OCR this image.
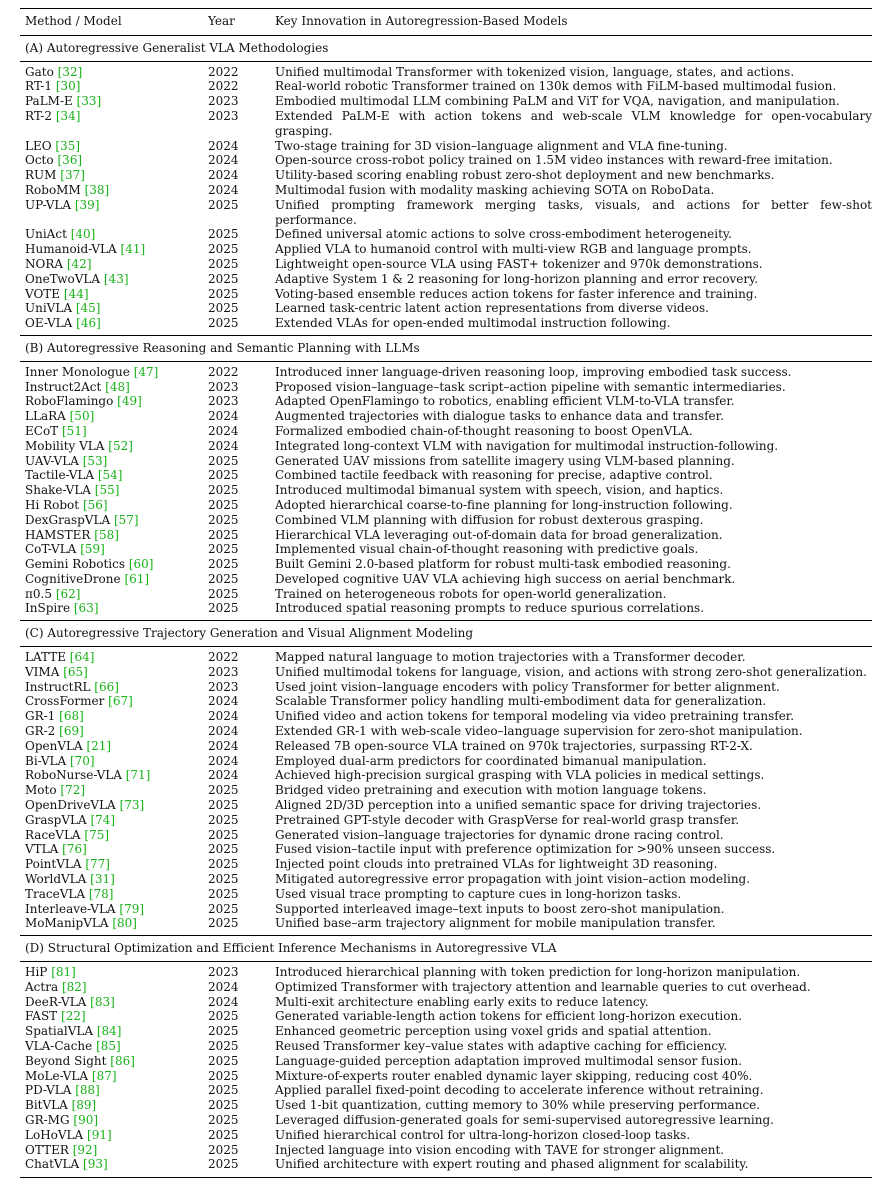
Method / Model	Year	Key Innovation in Autoregression-Based Models
(A) Autoregressive Generalist VLA Methodologies		
Gato [32]	2022	Unified multimodal Transformer with tokenized vision, language, states, and actions.
RT-1 [30]	2022	Real-world robotic Transformer trained on 130k demos with FiLM-based multimodal fusion.
PaLM-E [33]	2023	Embodied multimodal LLM combining PaLM and ViT for VQA, navigation, and manipulation.
RT-2 [34]	2023	Extended PaLM-E with action tokens and web-scale VLM knowledge for open-vocabulary grasping.
LEO [35]	2024	Two-stage training for 3D vision–language alignment and VLA fine-tuning.
Octo [36]	2024	Open-source cross-robot policy trained on 1.5M video instances with reward-free imitation.
RUM [37]	2024	Utility-based scoring enabling robust zero-shot deployment and new benchmarks.
RoboMM [38]	2024	Multimodal fusion with modality masking achieving SOTA on RoboData.
UP-VLA [39]	2025	Unified prompting framework merging tasks, visuals, and actions for better few-shot performance.
UniAct [40]	2025	Defined universal atomic actions to solve cross-embodiment heterogeneity.
Humanoid-VLA [41]	2025	Applied VLA to humanoid control with multi-view RGB and language prompts.
NORA [42]	2025	Lightweight open-source VLA using FAST+ tokenizer and 970k demonstrations.
OneTwoVLA [43]	2025	Adaptive System 1 & 2 reasoning for long-horizon planning and error recovery.
VOTE [44]	2025	Voting-based ensemble reduces action tokens for faster inference and training.
UniVLA [45]	2025	Learned task-centric latent action representations from diverse videos.
OE-VLA [46]	2025	Extended VLAs for open-ended multimodal instruction following.
(B) Autoregressive Reasoning and Semantic Planning with LLMs		
Inner Monologue [47]	2022	Introduced inner language-driven reasoning loop, improving embodied task success.
Instruct2Act [48]	2023	Proposed vision–language–task script–action pipeline with semantic intermediaries.
RoboFlamingo [49]	2023	Adapted OpenFlamingo to robotics, enabling efficient VLM-to-VLA transfer.
LLaRA [50]	2024	Augmented trajectories with dialogue tasks to enhance data and transfer.
ECoT [51]	2024	Formalized embodied chain-of-thought reasoning to boost OpenVLA.
Mobility VLA [52]	2024	Integrated long-context VLM with navigation for multimodal instruction-following.
UAV-VLA [53]	2025	Generated UAV missions from satellite imagery using VLM-based planning.
Tactile-VLA [54]	2025	Combined tactile feedback with reasoning for precise, adaptive control.
Shake-VLA [55]	2025	Introduced multimodal bimanual system with speech, vision, and haptics.
Hi Robot [56]	2025	Adopted hierarchical coarse-to-fine planning for long-instruction following.
DexGraspVLA [57]	2025	Combined VLM planning with diffusion for robust dexterous grasping.
HAMSTER [58]	2025	Hierarchical VLA leveraging out-of-domain data for broad generalization.
CoT-VLA [59]	2025	Implemented visual chain-of-thought reasoning with predictive goals.
Gemini Robotics [60]	2025	Built Gemini 2.0-based platform for robust multi-task embodied reasoning.
CognitiveDrone [61]	2025	Developed cognitive UAV VLA achieving high success on aerial benchmark.
π0.5 [62]	2025	Trained on heterogeneous robots for open-world generalization.
InSpire [63]	2025	Introduced spatial reasoning prompts to reduce spurious correlations.
(C) Autoregressive Trajectory Generation and Visual Alignment Modeling		
LATTE [64]	2022	Mapped natural language to motion trajectories with a Transformer decoder.
VIMA [65]	2023	Unified multimodal tokens for language, vision, and actions with strong zero-shot generalization.
InstructRL [66]	2023	Used joint vision–language encoders with policy Transformer for better alignment.
CrossFormer [67]	2024	Scalable Transformer policy handling multi-embodiment data for generalization.
GR-1 [68]	2024	Unified video and action tokens for temporal modeling via video pretraining transfer.
GR-2 [69]	2024	Extended GR-1 with web-scale video–language supervision for zero-shot manipulation.
OpenVLA [21]	2024	Released 7B open-source VLA trained on 970k trajectories, surpassing RT-2-X.
Bi-VLA [70]	2024	Employed dual-arm predictors for coordinated bimanual manipulation.
RoboNurse-VLA [71]	2024	Achieved high-precision surgical grasping with VLA policies in medical settings.
Moto [72]	2025	Bridged video pretraining and execution with motion language tokens.
OpenDriveVLA [73]	2025	Aligned 2D/3D perception into a unified semantic space for driving trajectories.
GraspVLA [74]	2025	Pretrained GPT-style decoder with GraspVerse for real-world grasp transfer.
RaceVLA [75]	2025	Generated vision–language trajectories for dynamic drone racing control.
VTLA [76]	2025	Fused vision–tactile input with preference optimization for >90% unseen success.
PointVLA [77]	2025	Injected point clouds into pretrained VLAs for lightweight 3D reasoning.
WorldVLA [31]	2025	Mitigated autoregressive error propagation with joint vision–action modeling.
TraceVLA [78]	2025	Used visual trace prompting to capture cues in long-horizon tasks.
Interleave-VLA [79]	2025	Supported interleaved image–text inputs to boost zero-shot manipulation.
MoManipVLA [80]	2025	Unified base–arm trajectory alignment for mobile manipulation transfer.
(D) Structural Optimization and Efficient Inference Mechanisms in Autoregressive VLA		
HiP [81]	2023	Introduced hierarchical planning with token prediction for long-horizon manipulation.
Actra [82]	2024	Optimized Transformer with trajectory attention and learnable queries to cut overhead.
DeeR-VLA [83]	2024	Multi-exit architecture enabling early exits to reduce latency.
FAST [22]	2025	Generated variable-length action tokens for efficient long-horizon execution.
SpatialVLA [84]	2025	Enhanced geometric perception using voxel grids and spatial attention.
VLA-Cache [85]	2025	Reused Transformer key–value states with adaptive caching for efficiency.
Beyond Sight [86]	2025	Language-guided perception adaptation improved multimodal sensor fusion.
MoLe-VLA [87]	2025	Mixture-of-experts router enabled dynamic layer skipping, reducing cost 40%.
PD-VLA [88]	2025	Applied parallel fixed-point decoding to accelerate inference without retraining.
BitVLA [89]	2025	Used 1-bit quantization, cutting memory to 30% while preserving performance.
GR-MG [90]	2025	Leveraged diffusion-generated goals for semi-supervised autoregressive learning.
LoHoVLA [91]	2025	Unified hierarchical control for ultra-long-horizon closed-loop tasks.
OTTER [92]	2025	Injected language into vision encoding with TAVE for stronger alignment.
ChatVLA [93]	2025	Unified architecture with expert routing and phased alignment for scalability.
